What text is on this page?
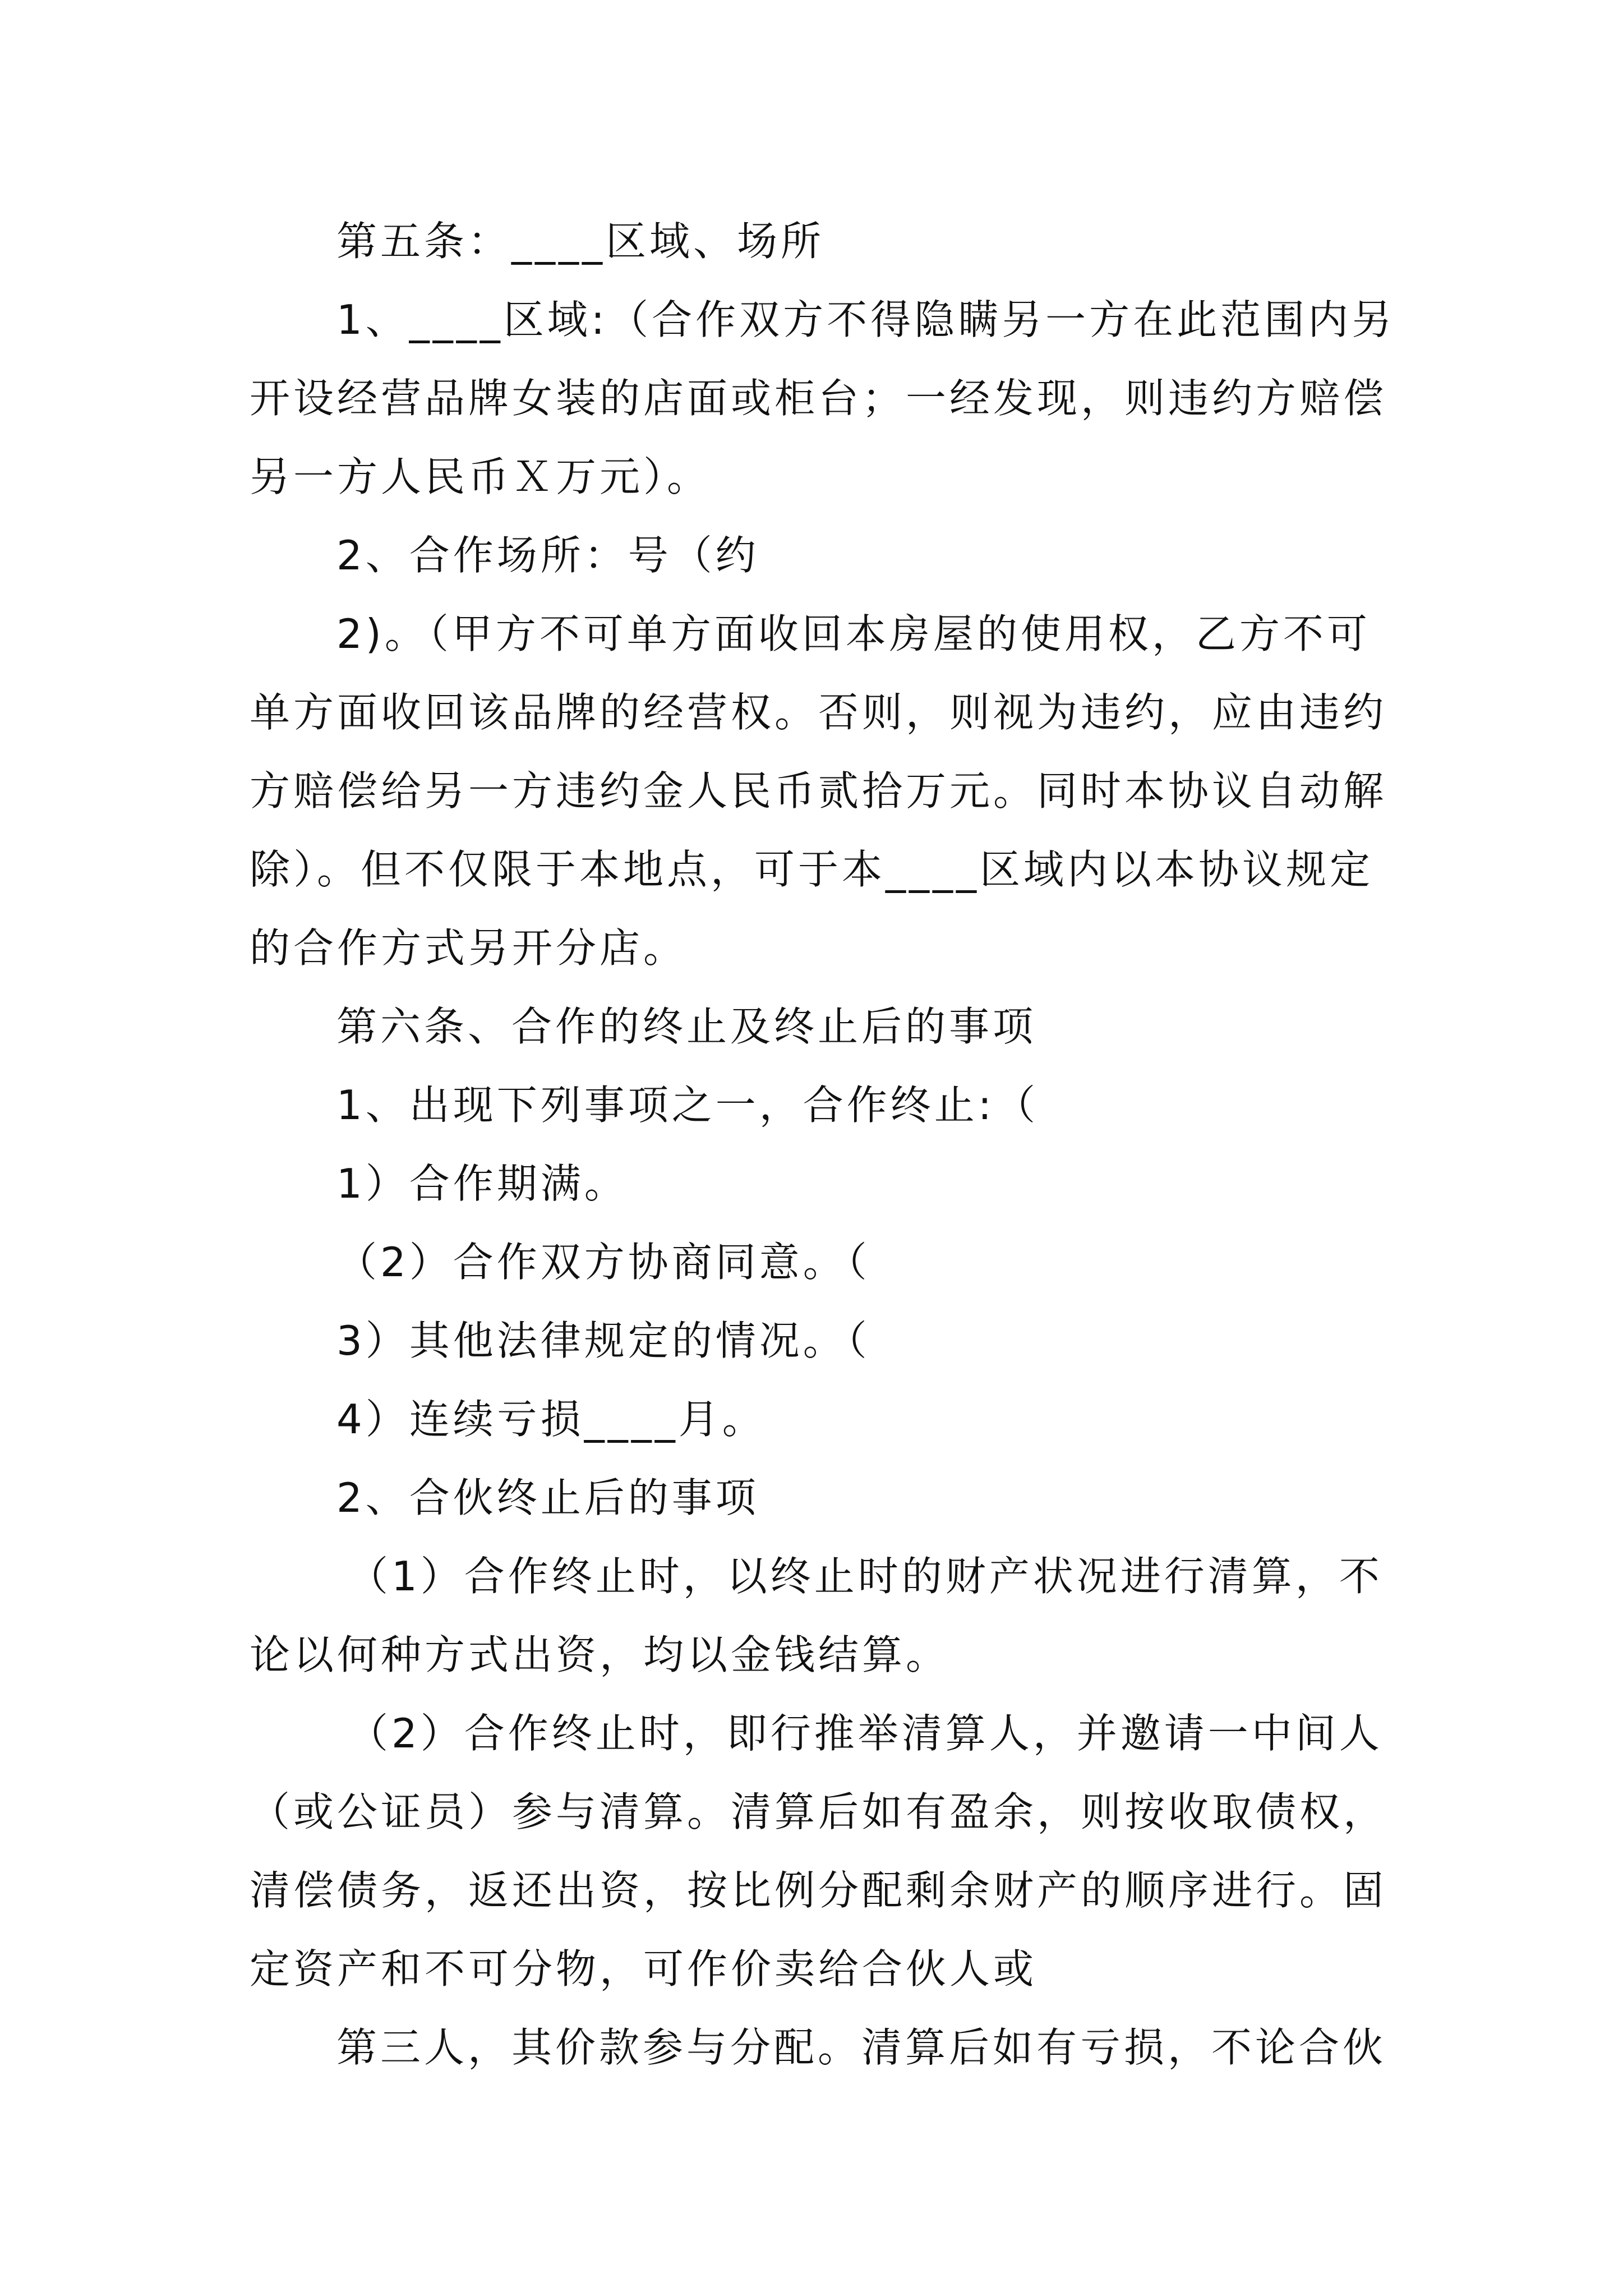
第五条：____区域、场所
1、____区域:（合作双方不得隐瞒另一方在此范围内另
开设经营品牌女装的店面或柜台；一经发现，则违约方赔偿
另一方人民币Ｘ万元）。
2、合作场所：号（约
2)。（甲方不可单方面收回本房屋的使用权，乙方不可
单方面收回该品牌的经营权。否则，则视为违约，应由违约
方赔偿给另一方违约金人民币贰拾万元。同时本协议自动解
除）。但不仅限于本地点，可于本____区域内以本协议规定
的合作方式另开分店。
第六条、合作的终止及终止后的事项
1、出现下列事项之一，合作终止:（
1）合作期满。
（2）合作双方协商同意。（
3）其他法律规定的情况。（
4）连续亏损____月。
2、合伙终止后的事项
（1）合作终止时，以终止时的财产状况进行清算，不
论以何种方式出资，均以金钱结算。
（2）合作终止时，即行推举清算人，并邀请一中间人
（或公证员）参与清算。清算后如有盈余，则按收取债权，
清偿债务，返还出资，按比例分配剩余财产的顺序进行。固
定资产和不可分物，可作价卖给合伙人或
第三人，其价款参与分配。清算后如有亏损，不论合伙
